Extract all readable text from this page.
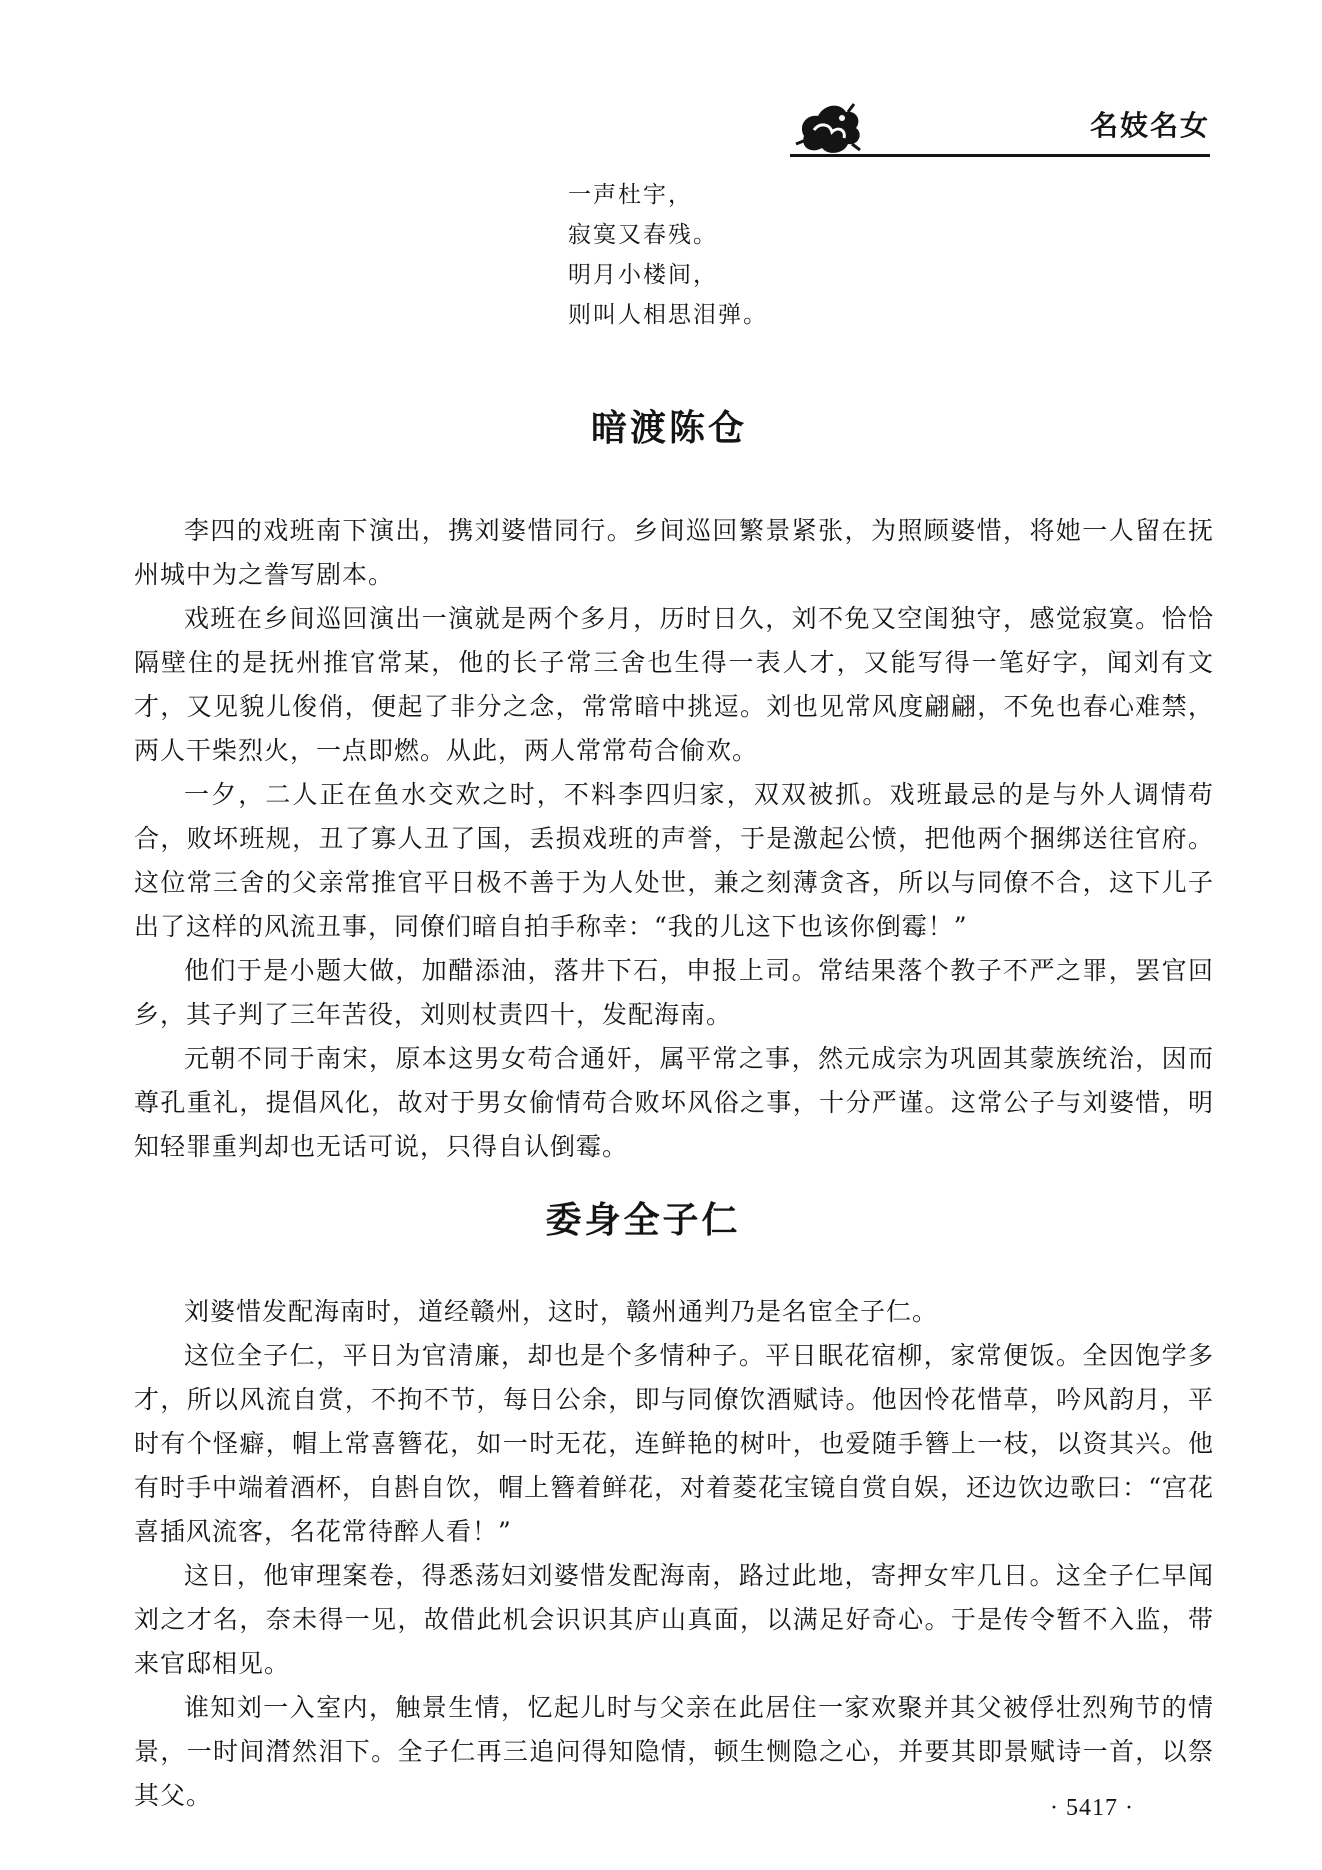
名妓名女
一声杜宇，
寂寞又春残。
明月小楼间，
则叫人相思泪弹。
暗渡陈仓

李四的戏班南下演出，携刘婆惜同行。乡间巡回繁景紧张，为照顾婆惜，将她一人留在抚州城中为之誊写剧本。

戏班在乡间巡回演出一演就是两个多月，历时日久，刘不免又空闺独守，感觉寂寞。恰恰隔壁住的是抚州推官常某，他的长子常三舍也生得一表人才，又能写得一笔好字，闻刘有文才，又见貌儿俊俏，便起了非分之念，常常暗中挑逗。刘也见常风度翩翩，不免也春心难禁，两人干柴烈火，一点即燃。从此，两人常常苟合偷欢。

一夕，二人正在鱼水交欢之时，不料李四归家，双双被抓。戏班最忌的是与外人调情苟合，败坏班规，丑了寡人丑了国，丢损戏班的声誉，于是激起公愤，把他两个捆绑送往官府。这位常三舍的父亲常推官平日极不善于为人处世，兼之刻薄贪吝，所以与同僚不合，这下儿子出了这样的风流丑事，同僚们暗自拍手称幸：“我的儿这下也该你倒霉！”

他们于是小题大做，加醋添油，落井下石，申报上司。常结果落个教子不严之罪，罢官回乡，其子判了三年苦役，刘则杖责四十，发配海南。

元朝不同于南宋，原本这男女苟合通奸，属平常之事，然元成宗为巩固其蒙族统治，因而尊孔重礼，提倡风化，故对于男女偷情苟合败坏风俗之事，十分严谨。这常公子与刘婆惜，明知轻罪重判却也无话可说，只得自认倒霉。

委身全子仁

刘婆惜发配海南时，道经赣州，这时，赣州通判乃是名宦全子仁。

这位全子仁，平日为官清廉，却也是个多情种子。平日眠花宿柳，家常便饭。全因饱学多才，所以风流自赏，不拘不节，每日公余，即与同僚饮酒赋诗。他因怜花惜草，吟风韵月，平时有个怪癖，帽上常喜簪花，如一时无花，连鲜艳的树叶，也爱随手簪上一枝，以资其兴。他有时手中端着酒杯，自斟自饮，帽上簪着鲜花，对着菱花宝镜自赏自娱，还边饮边歌曰：“宫花喜插风流客，名花常待醉人看！”

这日，他审理案卷，得悉荡妇刘婆惜发配海南，路过此地，寄押女牢几日。这全子仁早闻刘之才名，奈未得一见，故借此机会识识其庐山真面，以满足好奇心。于是传令暂不入监，带来官邸相见。

谁知刘一入室内，触景生情，忆起儿时与父亲在此居住一家欢聚并其父被俘壮烈殉节的情景，一时间潸然泪下。全子仁再三追问得知隐情，顿生恻隐之心，并要其即景赋诗一首，以祭其父。	· 5417 ·
